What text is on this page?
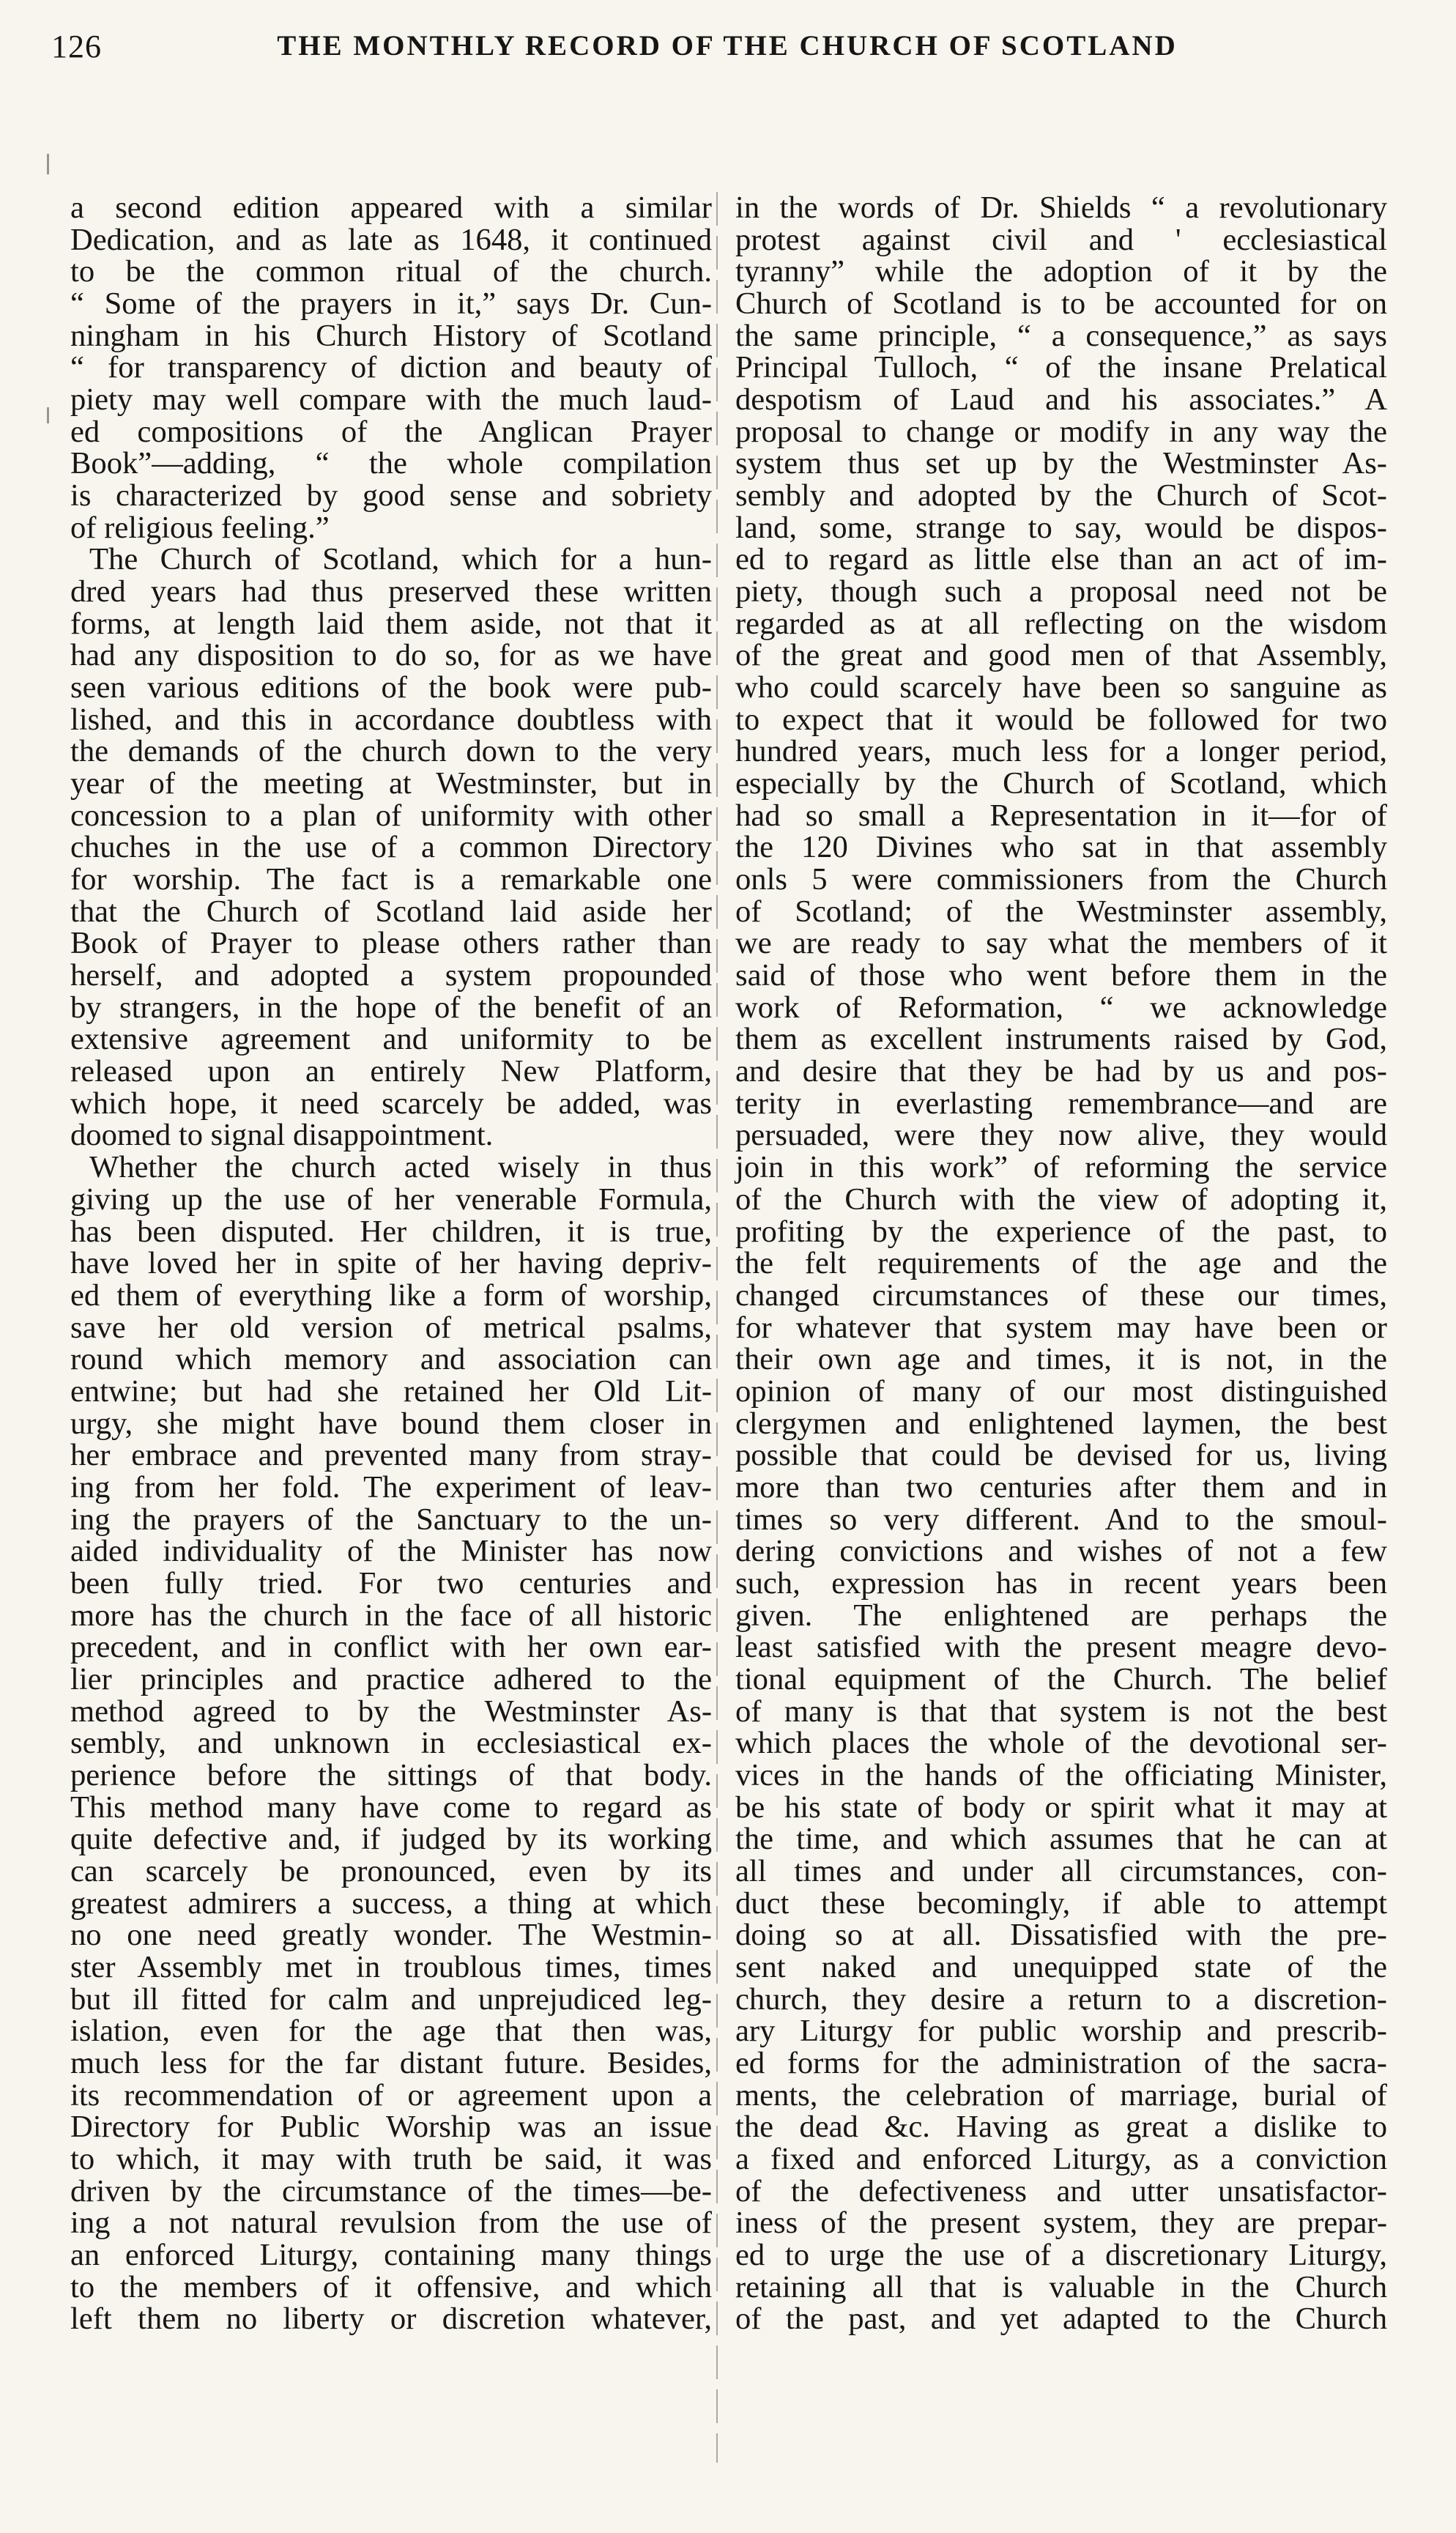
126	THE MONTHLY RECORD OF THE CHURCH OF SCOTLAND
a second edition appeared with a similar
Dedication, and as late as 1648, it continued
to be the common ritual of the church.
“ Some of the prayers in it,” says Dr. Cun-
ningham in his Church History of Scotland
“ for transparency of diction and beauty of
piety may well compare with the much laud-
ed compositions of the Anglican Prayer
Book”—adding, “ the whole compilation
is characterized by good sense and sobriety
of religious feeling.”
The Church of Scotland, which for a hun-
dred years had thus preserved these written
forms, at length laid them aside, not that it
had any disposition to do so, for as we have
seen various editions of the book were pub-
lished, and this in accordance doubtless with
the demands of the church down to the very
year of the meeting at Westminster, but in
concession to a plan of uniformity with other
chuches in the use of a common Directory
for worship. The fact is a remarkable one
that the Church of Scotland laid aside her
Book of Prayer to please others rather than
herself, and adopted a system propounded
by strangers, in the hope of the benefit of an
extensive agreement and uniformity to be
released upon an entirely New Platform,
which hope, it need scarcely be added, was
doomed to signal disappointment.
Whether the church acted wisely in thus
giving up the use of her venerable Formula,
has been disputed. Her children, it is true,
have loved her in spite of her having depriv-
ed them of everything like a form of worship,
save her old version of metrical psalms,
round which memory and association can
entwine; but had she retained her Old Lit-
urgy, she might have bound them closer in
her embrace and prevented many from stray-
ing from her fold. The experiment of leav-
ing the prayers of the Sanctuary to the un-
aided individuality of the Minister has now
been fully tried. For two centuries and
more has the church in the face of all historic
precedent, and in conflict with her own ear-
lier principles and practice adhered to the
method agreed to by the Westminster As-
sembly, and unknown in ecclesiastical ex-
perience before the sittings of that body.
This method many have come to regard as
quite defective and, if judged by its working
can scarcely be pronounced, even by its
greatest admirers a success, a thing at which
no one need greatly wonder. The Westmin-
ster Assembly met in troublous times, times
but ill fitted for calm and unprejudiced leg-
islation, even for the age that then was,
much less for the far distant future. Besides,
its recommendation of or agreement upon a
Directory for Public Worship was an issue
to which, it may with truth be said, it was
driven by the circumstance of the times—be-
ing a not natural revulsion from the use of
an enforced Liturgy, containing many things
to the members of it offensive, and which
left them no liberty or discretion whatever,
in the words of Dr. Shields “ a revolutionary
protest against civil and ' ecclesiastical
tyranny” while the adoption of it by the
Church of Scotland is to be accounted for on
the same principle, “ a consequence,” as says
Principal Tulloch, “ of the insane Prelatical
despotism of Laud and his associates.” A
proposal to change or modify in any way the
system thus set up by the Westminster As-
sembly and adopted by the Church of Scot-
land, some, strange to say, would be dispos-
ed to regard as little else than an act of im-
piety, though such a proposal need not be
regarded as at all reflecting on the wisdom
of the great and good men of that Assembly,
who could scarcely have been so sanguine as
to expect that it would be followed for two
hundred years, much less for a longer period,
especially by the Church of Scotland, which
had so small a Representation in it—for of
the 120 Divines who sat in that assembly
onls 5 were commissioners from the Church
of Scotland; of the Westminster assembly,
we are ready to say what the members of it
said of those who went before them in the
work of Reformation, “ we acknowledge
them as excellent instruments raised by God,
and desire that they be had by us and pos-
terity in everlasting remembrance—and are
persuaded, were they now alive, they would
join in this work” of reforming the service
of the Church with the view of adopting it,
profiting by the experience of the past, to
the felt requirements of the age and the
changed circumstances of these our times,
for whatever that system may have been or
their own age and times, it is not, in the
opinion of many of our most distinguished
clergymen and enlightened laymen, the best
possible that could be devised for us, living
more than two centuries after them and in
times so very different. And to the smoul-
dering convictions and wishes of not a few
such, expression has in recent years been
given. The enlightened are perhaps the
least satisfied with the present meagre devo-
tional equipment of the Church. The belief
of many is that that system is not the best
which places the whole of the devotional ser-
vices in the hands of the officiating Minister,
be his state of body or spirit what it may at
the time, and which assumes that he can at
all times and under all circumstances, con-
duct these becomingly, if able to attempt
doing so at all. Dissatisfied with the pre-
sent naked and unequipped state of the
church, they desire a return to a discretion-
ary Liturgy for public worship and prescrib-
ed forms for the administration of the sacra-
ments, the celebration of marriage, burial of
the dead &c. Having as great a dislike to
a fixed and enforced Liturgy, as a conviction
of the defectiveness and utter unsatisfactor-
iness of the present system, they are prepar-
ed to urge the use of a discretionary Liturgy,
retaining all that is valuable in the Church
of the past, and yet adapted to the Church
